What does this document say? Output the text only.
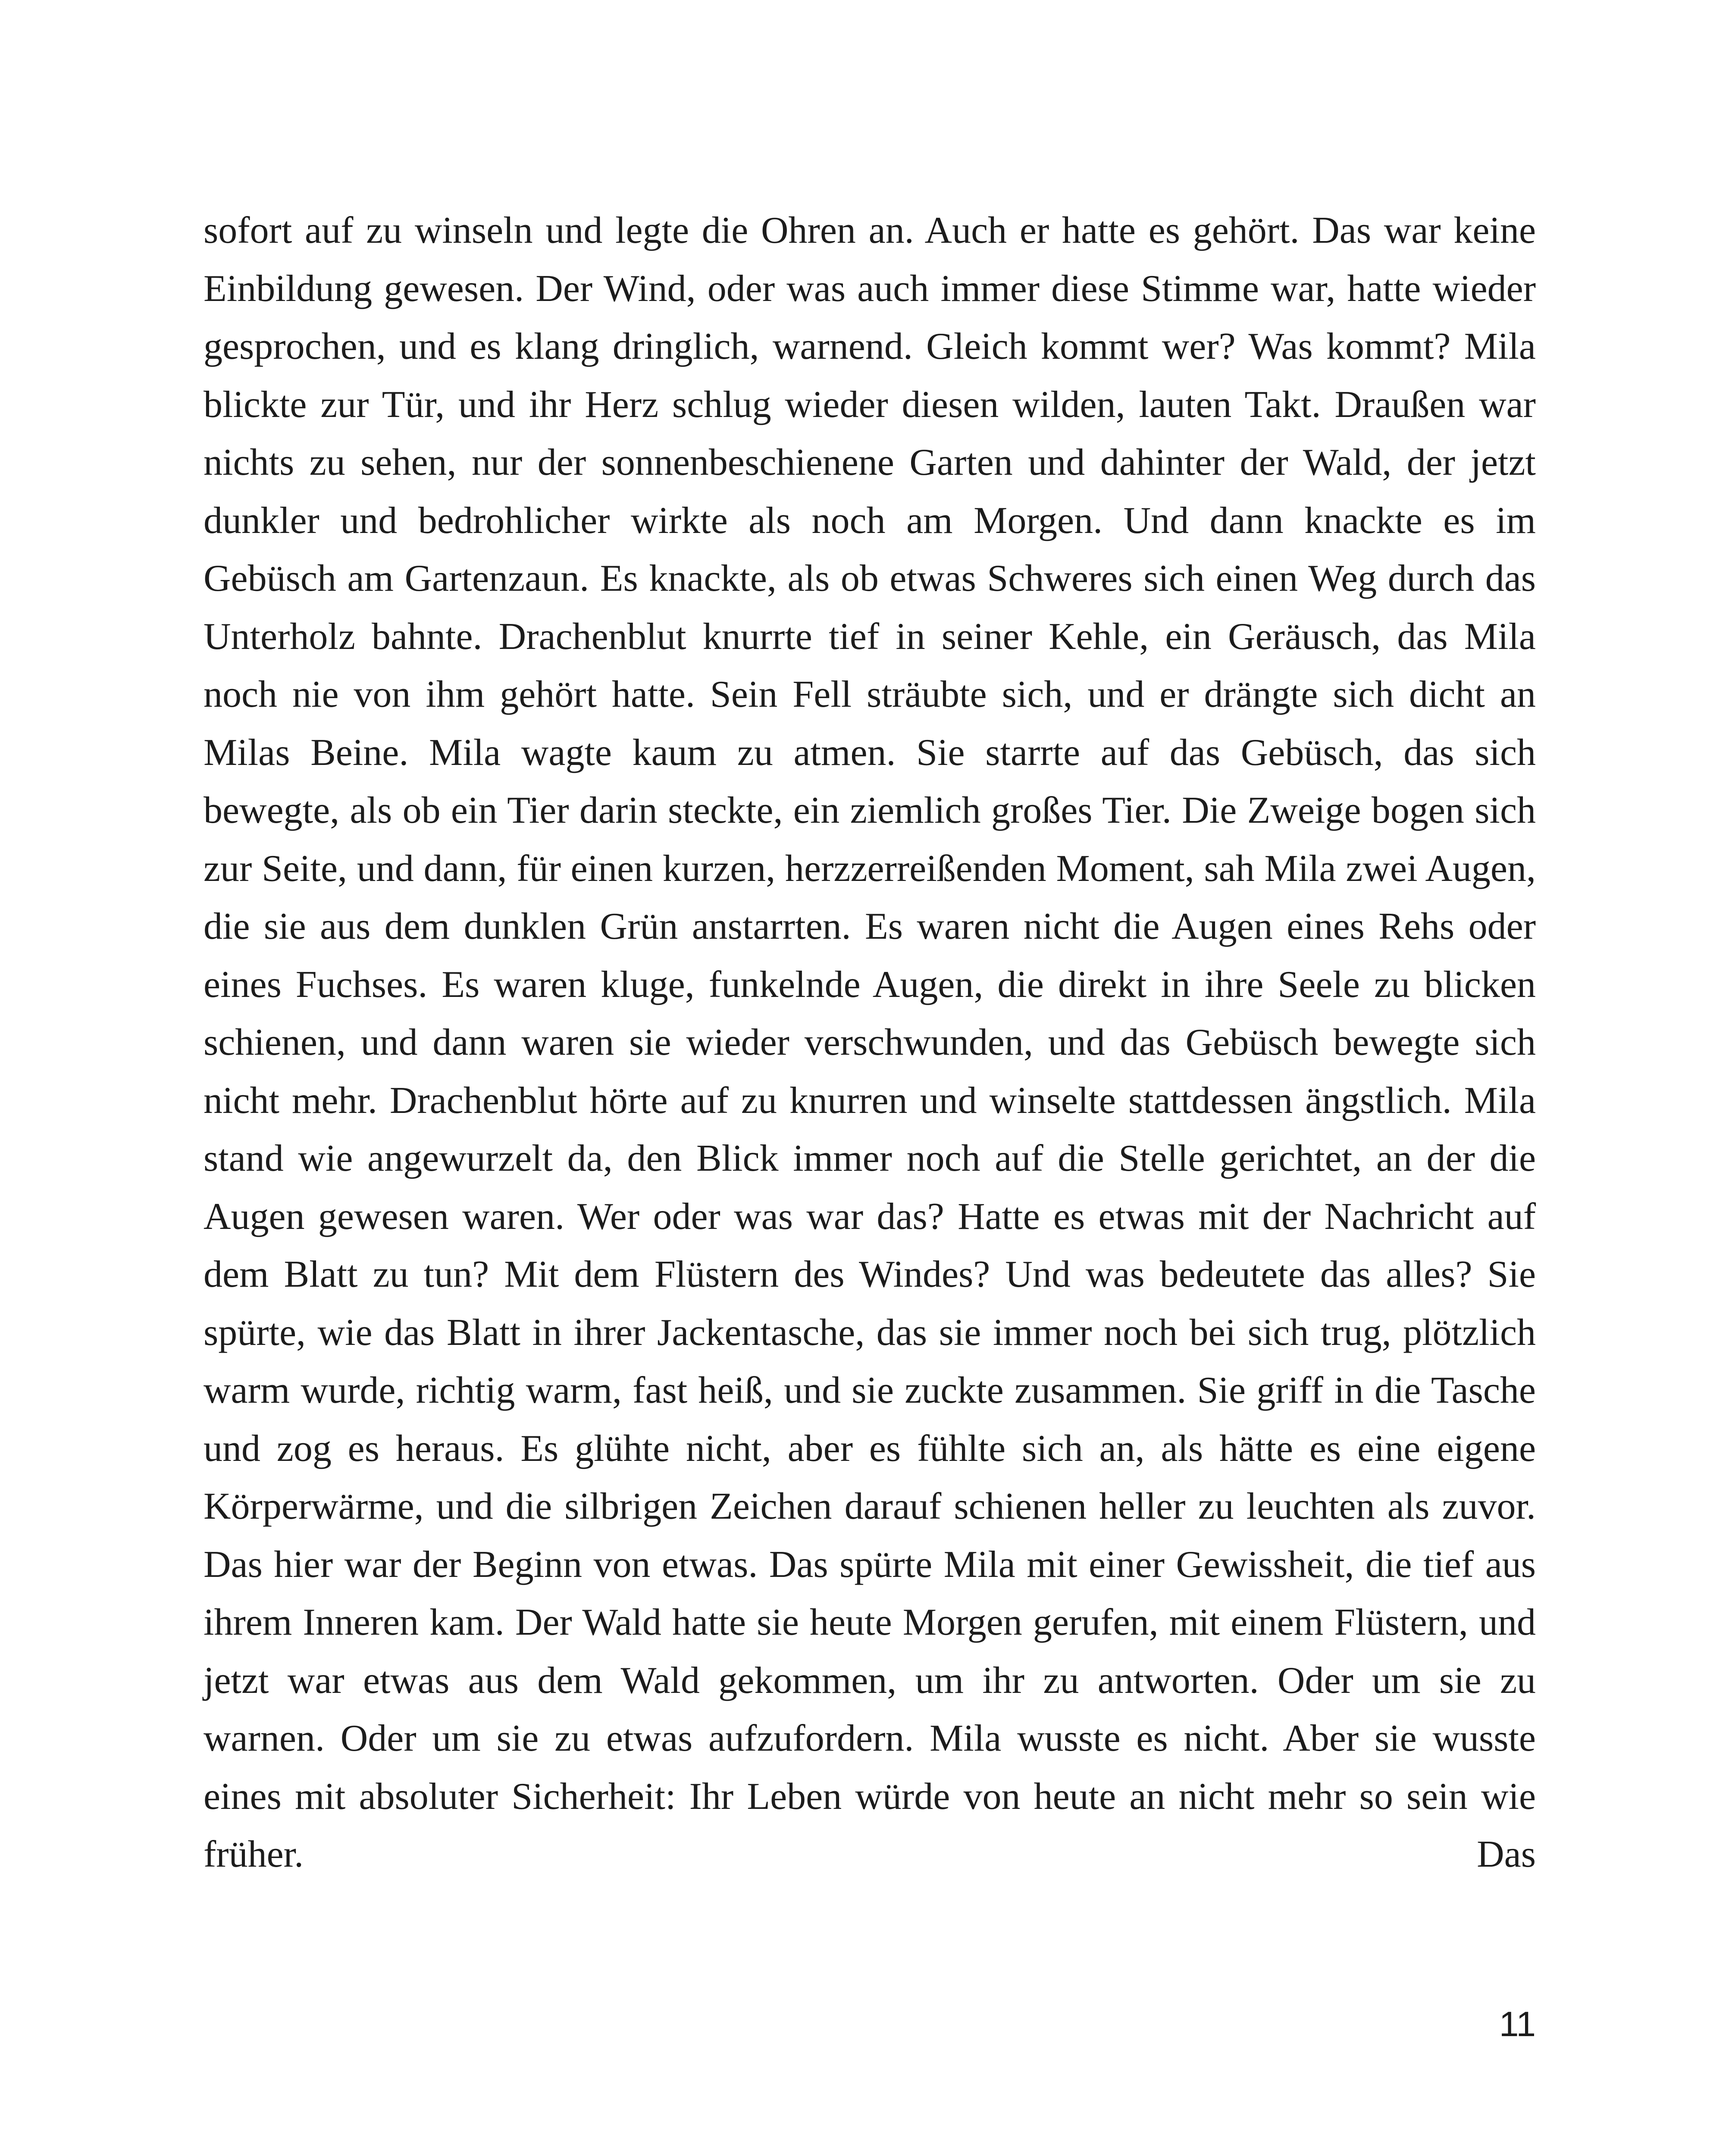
sofort auf zu winseln und legte die Ohren an. Auch er hatte es gehört. Das war keine Einbildung gewesen. Der Wind, oder was auch immer diese Stimme war, hatte wieder gesprochen, und es klang dringlich, warnend. Gleich kommt wer? Was kommt? Mila blickte zur Tür, und ihr Herz schlug wieder diesen wilden, lauten Takt. Draußen war nichts zu sehen, nur der sonnenbeschienene Garten und dahinter der Wald, der jetzt dunkler und bedrohlicher wirkte als noch am Morgen. Und dann knackte es im Gebüsch am Gartenzaun. Es knackte, als ob etwas Schweres sich einen Weg durch das Unterholz bahnte. Drachenblut knurrte tief in seiner Kehle, ein Geräusch, das Mila noch nie von ihm gehört hatte. Sein Fell sträubte sich, und er drängte sich dicht an Milas Beine. Mila wagte kaum zu atmen. Sie starrte auf das Gebüsch, das sich bewegte, als ob ein Tier darin steckte, ein ziemlich großes Tier. Die Zweige bogen sich zur Seite, und dann, für einen kurzen, herzzerreißenden Moment, sah Mila zwei Augen, die sie aus dem dunklen Grün anstarrten. Es waren nicht die Augen eines Rehs oder eines Fuchses. Es waren kluge, funkelnde Augen, die direkt in ihre Seele zu blicken schienen, und dann waren sie wieder verschwunden, und das Gebüsch bewegte sich nicht mehr. Drachenblut hörte auf zu knurren und winselte stattdessen ängstlich. Mila stand wie angewurzelt da, den Blick immer noch auf die Stelle gerichtet, an der die Augen gewesen waren. Wer oder was war das? Hatte es etwas mit der Nachricht auf dem Blatt zu tun? Mit dem Flüstern des Windes? Und was bedeutete das alles? Sie spürte, wie das Blatt in ihrer Jackentasche, das sie immer noch bei sich trug, plötzlich warm wurde, richtig warm, fast heiß, und sie zuckte zusammen. Sie griff in die Tasche und zog es heraus. Es glühte nicht, aber es fühlte sich an, als hätte es eine eigene Körperwärme, und die silbrigen Zeichen darauf schienen heller zu leuchten als zuvor. Das hier war der Beginn von etwas. Das spürte Mila mit einer Gewissheit, die tief aus ihrem Inneren kam. Der Wald hatte sie heute Morgen gerufen, mit einem Flüstern, und jetzt war etwas aus dem Wald gekommen, um ihr zu antworten. Oder um sie zu warnen. Oder um sie zu etwas aufzufordern. Mila wusste es nicht. Aber sie wusste eines mit absoluter Sicherheit: Ihr Leben würde von heute an nicht mehr so sein wie früher. Das

11
